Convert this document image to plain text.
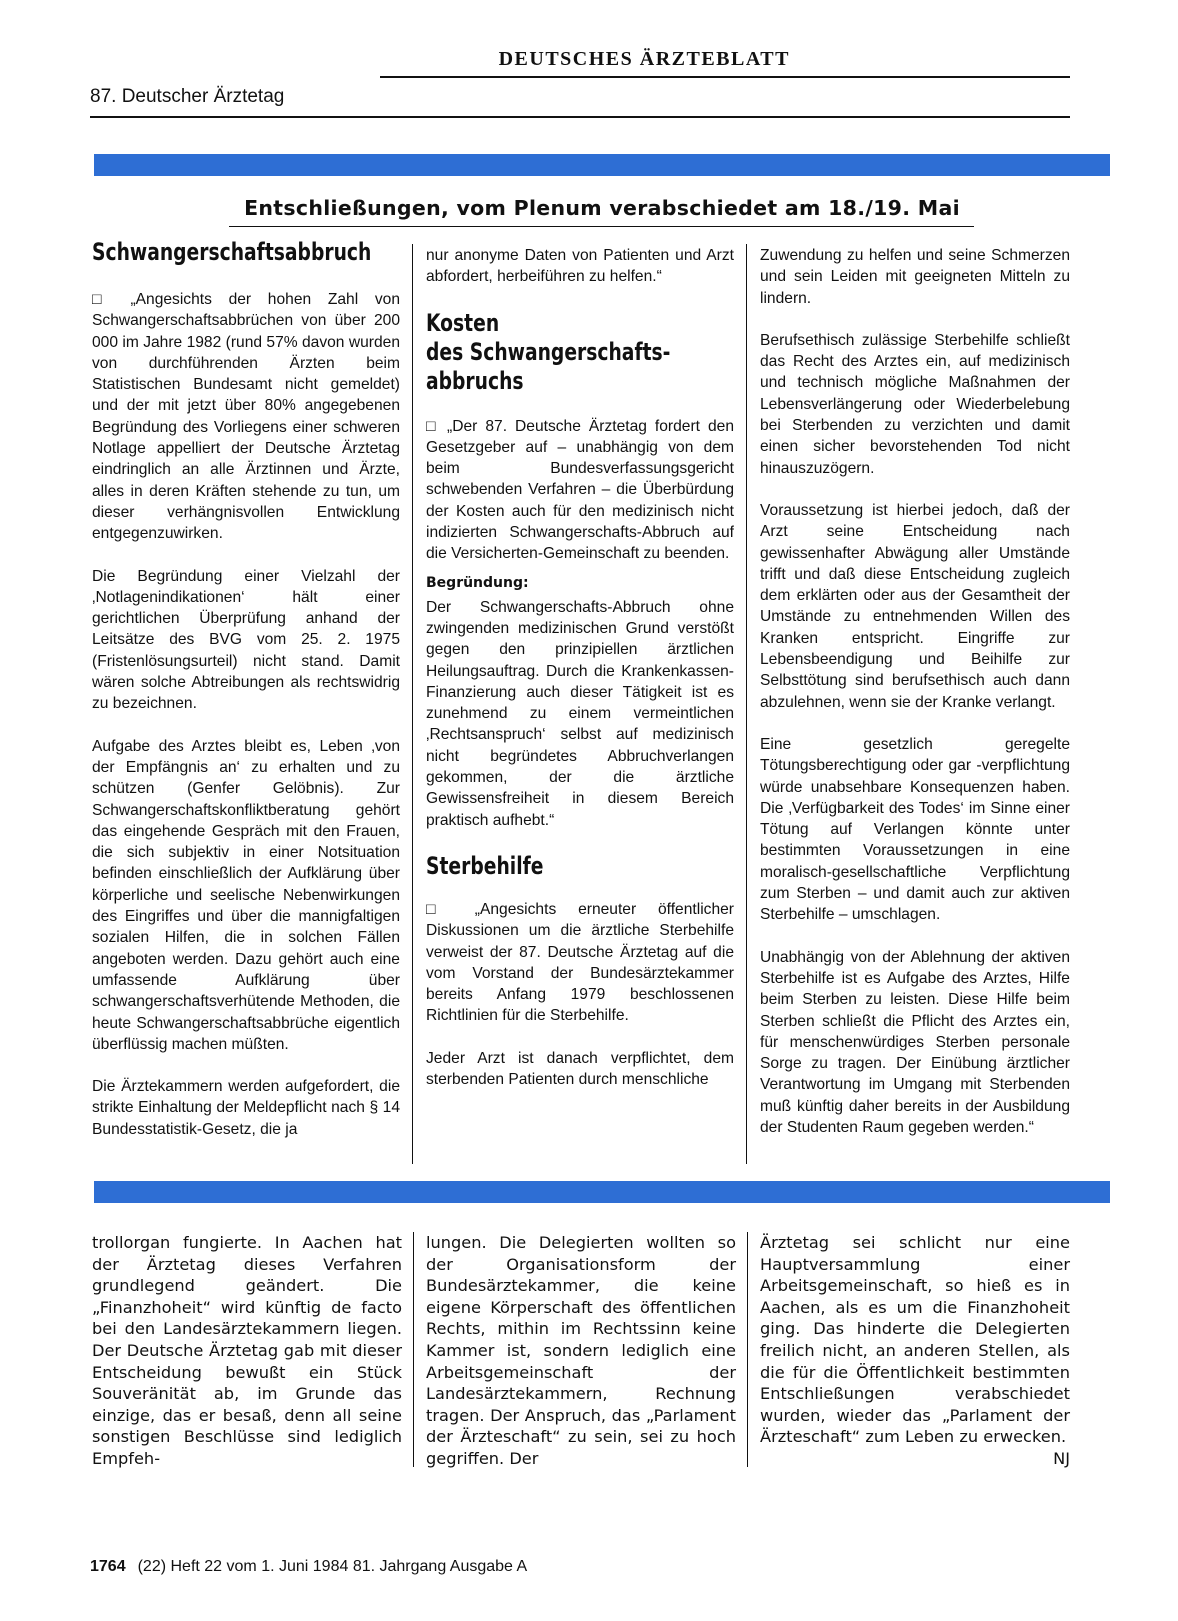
DEUTSCHES ÄRZTEBLATT
87. Deutscher Ärztetag
Entschließungen, vom Plenum verabschiedet am 18./19. Mai
Schwangerschaftsabbruch

□ „Angesichts der hohen Zahl von Schwangerschaftsabbrüchen von über 200 000 im Jahre 1982 (rund 57% davon wurden von durchführenden Ärzten beim Statistischen Bundesamt nicht gemeldet) und der mit jetzt über 80% angegebenen Begründung des Vorliegens einer schweren Notlage appelliert der Deutsche Ärztetag eindringlich an alle Ärztinnen und Ärzte, alles in deren Kräften stehende zu tun, um dieser verhängnisvollen Entwicklung entgegenzuwirken.

Die Begründung einer Vielzahl der ‚Notlagenindikationen‘ hält einer gerichtlichen Überprüfung anhand der Leitsätze des BVG vom 25. 2. 1975 (Fristenlösungsurteil) nicht stand. Damit wären solche Abtreibungen als rechtswidrig zu bezeichnen.

Aufgabe des Arztes bleibt es, Leben ‚von der Empfängnis an‘ zu erhalten und zu schützen (Genfer Gelöbnis). Zur Schwangerschaftskonfliktberatung gehört das eingehende Gespräch mit den Frauen, die sich subjektiv in einer Notsituation befinden einschließlich der Aufklärung über körperliche und seelische Nebenwirkungen des Eingriffes und über die mannigfaltigen sozialen Hilfen, die in solchen Fällen angeboten werden. Dazu gehört auch eine umfassende Aufklärung über schwangerschaftsverhütende Methoden, die heute Schwangerschaftsabbrüche eigentlich überflüssig machen müßten.

Die Ärztekammern werden aufgefordert, die strikte Einhaltung der Meldepflicht nach § 14 Bundesstatistik-Gesetz, die ja

nur anonyme Daten von Patienten und Arzt abfordert, herbeiführen zu helfen.“

Kosten
des Schwangerschafts-
abbruchs

□ „Der 87. Deutsche Ärztetag fordert den Gesetzgeber auf – unabhängig von dem beim Bundesverfassungsgericht schwebenden Verfahren – die Überbürdung der Kosten auch für den medizinisch nicht indizierten Schwangerschafts-Abbruch auf die Versicherten-Gemeinschaft zu beenden.

Begründung:

Der Schwangerschafts-Abbruch ohne zwingenden medizinischen Grund verstößt gegen den prinzipiellen ärztlichen Heilungsauftrag. Durch die Krankenkassen-Finanzierung auch dieser Tätigkeit ist es zunehmend zu einem vermeintlichen ‚Rechtsanspruch‘ selbst auf medizinisch nicht begründetes Abbruchverlangen gekommen, der die ärztliche Gewissensfreiheit in diesem Bereich praktisch aufhebt.“

Sterbehilfe

□ „Angesichts erneuter öffentlicher Diskussionen um die ärztliche Sterbehilfe verweist der 87. Deutsche Ärztetag auf die vom Vorstand der Bundesärztekammer bereits Anfang 1979 beschlossenen Richtlinien für die Sterbehilfe.

Jeder Arzt ist danach verpflichtet, dem sterbenden Patienten durch menschliche

Zuwendung zu helfen und seine Schmerzen und sein Leiden mit geeigneten Mitteln zu lindern.

Berufsethisch zulässige Sterbehilfe schließt das Recht des Arztes ein, auf medizinisch und technisch mögliche Maßnahmen der Lebensverlängerung oder Wiederbelebung bei Sterbenden zu verzichten und damit einen sicher bevorstehenden Tod nicht hinauszuzögern.

Voraussetzung ist hierbei jedoch, daß der Arzt seine Entscheidung nach gewissenhafter Abwägung aller Umstände trifft und daß diese Entscheidung zugleich dem erklärten oder aus der Gesamtheit der Umstände zu entnehmenden Willen des Kranken entspricht. Eingriffe zur Lebensbeendigung und Beihilfe zur Selbsttötung sind berufsethisch auch dann abzulehnen, wenn sie der Kranke verlangt.

Eine gesetzlich geregelte Tötungsberechtigung oder gar -verpflichtung würde unabsehbare Konsequenzen haben. Die ‚Verfügbarkeit des Todes‘ im Sinne einer Tötung auf Verlangen könnte unter bestimmten Voraussetzungen in eine moralisch-gesellschaftliche Verpflichtung zum Sterben – und damit auch zur aktiven Sterbehilfe – umschlagen.

Unabhängig von der Ablehnung der aktiven Sterbehilfe ist es Aufgabe des Arztes, Hilfe beim Sterben zu leisten. Diese Hilfe beim Sterben schließt die Pflicht des Arztes ein, für menschenwürdiges Sterben personale Sorge zu tragen. Der Einübung ärztlicher Verantwortung im Umgang mit Sterbenden muß künftig daher bereits in der Ausbildung der Studenten Raum gegeben werden.“

trollorgan fungierte. In Aachen hat der Ärztetag dieses Verfahren grundlegend geändert. Die „Finanzhoheit“ wird künftig de facto bei den Landesärztekammern liegen. Der Deutsche Ärztetag gab mit dieser Entscheidung bewußt ein Stück Souveränität ab, im Grunde das einzige, das er besaß, denn all seine sonstigen Beschlüsse sind lediglich Empfeh-
lungen. Die Delegierten wollten so der Organisationsform der Bundesärztekammer, die keine eigene Körperschaft des öffentlichen Rechts, mithin im Rechtssinn keine Kammer ist, sondern lediglich eine Arbeitsgemeinschaft der Landesärztekammern, Rechnung tragen. Der Anspruch, das „Parlament der Ärzteschaft“ zu sein, sei zu hoch gegriffen. Der
Ärztetag sei schlicht nur eine Hauptversammlung einer Arbeitsgemeinschaft, so hieß es in Aachen, als es um die Finanzhoheit ging. Das hinderte die Delegierten freilich nicht, an anderen Stellen, als die für die Öffentlichkeit bestimmten Entschließungen verabschiedet wurden, wieder das „Parlament der Ärzteschaft“ zum Leben zu erwecken.
NJ
1764 (22) Heft 22 vom 1. Juni 1984 81. Jahrgang Ausgabe A
